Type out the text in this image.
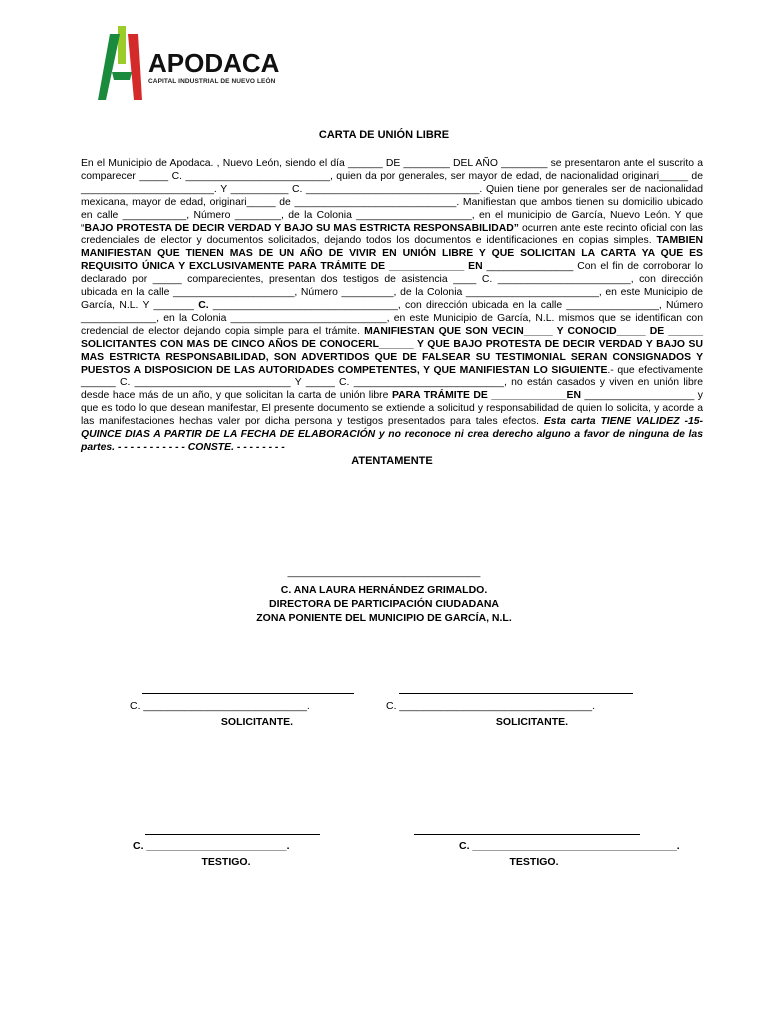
APODACA
CAPITAL INDUSTRIAL DE NUEVO LEÓN
CARTA DE UNIÓN LIBRE

En el Municipio de Apodaca. , Nuevo León, siendo el día ______ DE ________ DEL AÑO ________ se presentaron ante el suscrito a comparecer _____ C. _________________________, quien da por generales, ser mayor de edad, de nacionalidad originari_____ de _______________________. Y __________ C. ______________________________. Quien tiene por generales ser de nacionalidad mexicana, mayor de edad, originari_____ de ____________________________. Manifiestan que ambos tienen su domicilio ubicado en calle ___________, Número ________, de la Colonia ____________________, en el municipio de García, Nuevo León. Y que “BAJO PROTESTA DE DECIR VERDAD Y BAJO SU MAS ESTRICTA RESPONSABILIDAD” ocurren ante este recinto oficial con las credenciales de elector y documentos solicitados, dejando todos los documentos e identificaciones en copias simples. TAMBIEN MANIFIESTAN QUE TIENEN MAS DE UN AÑO DE VIVIR EN UNIÓN LIBRE Y QUE SOLICITAN LA CARTA YA QUE ES REQUISITO ÚNICA Y EXCLUSIVAMENTE PARA TRÁMITE DE _____________ EN _______________ Con el fin de corroborar lo declarado por _____ comparecientes, presentan dos testigos de asistencia ____ C. _______________________, con dirección ubicada en la calle _____________________, Número _________, de la Colonia _______________________, en este Municipio de García, N.L. Y _______ C. ________________________________, con dirección ubicada en la calle ________________, Número _____________, en la Colonia ___________________________, en este Municipio de García, N.L. mismos que se identifican con credencial de elector dejando copia simple para el trámite. MANIFIESTAN QUE SON VECIN_____ Y CONOCID_____ DE ______ SOLICITANTES CON MAS DE CINCO AÑOS DE CONOCERL______ Y QUE BAJO PROTESTA DE DECIR VERDAD Y BAJO SU MAS ESTRICTA RESPONSABILIDAD, SON ADVERTIDOS QUE DE FALSEAR SU TESTIMONIAL SERAN CONSIGNADOS Y PUESTOS A DISPOSICION DE LAS AUTORIDADES COMPETENTES, Y QUE MANIFIESTAN LO SIGUIENTE.- que efectivamente ______ C. ___________________________ Y _____ C. __________________________, no están casados y viven en unión libre desde hace más de un año, y que solicitan la carta de unión libre PARA TRÁMITE DE _____________EN ___________________ y que es todo lo que desean manifestar, El presente documento se extiende a solicitud y responsabilidad de quien lo solicita, y acorde a las manifestaciones hechas valer por dicha persona y testigos presentados para tales efectos. Esta carta TIENE VALIDEZ -15-QUINCE DIAS A PARTIR DE LA FECHA DE ELABORACIÓN y no reconoce ni crea derecho alguno a favor de ninguna de las partes. - - - - - - - - - - - CONSTE. - - - - - - - -

ATENTAMENTE
_________________________________
C. ANA LAURA HERNÁNDEZ GRIMALDO.
DIRECTORA DE PARTICIPACIÓN CIUDADANA
ZONA PONIENTE DEL MUNICIPIO DE GARCÍA, N.L.
C. ____________________________.
SOLICITANTE.
C. _________________________________.
SOLICITANTE.
C. ________________________.
TESTIGO.
C. ___________________________________.
TESTIGO.
